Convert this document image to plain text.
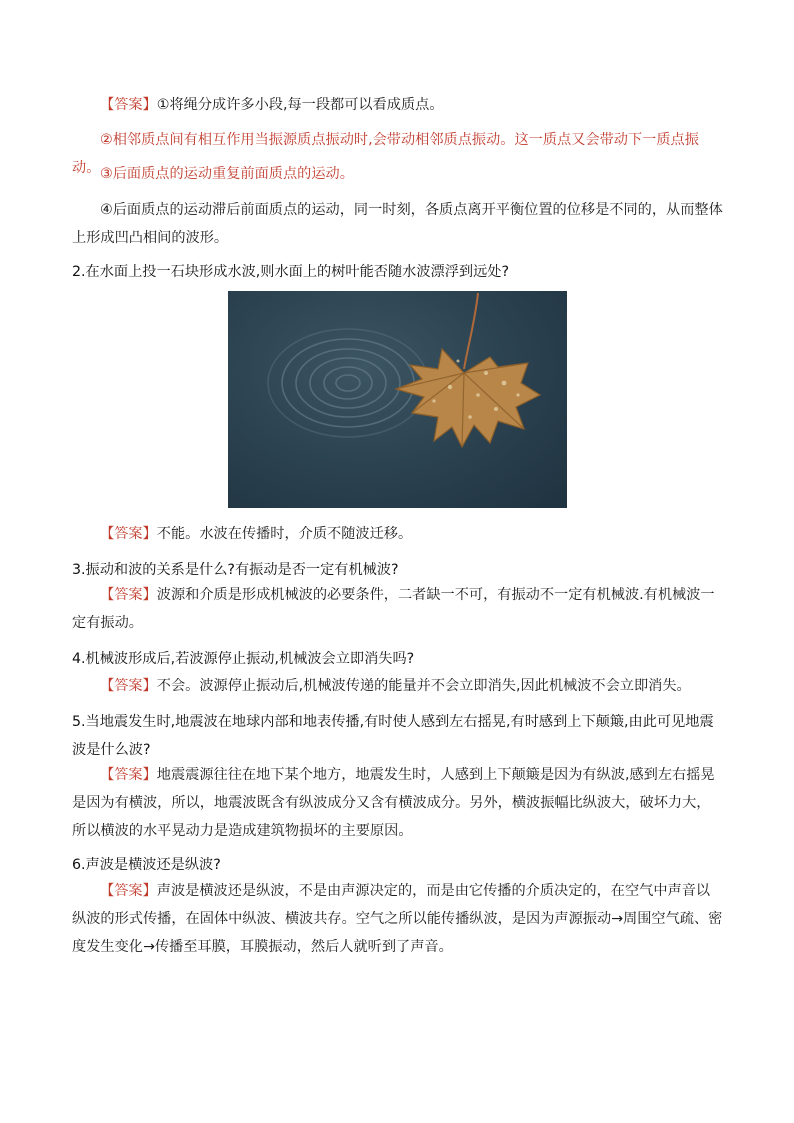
【答案】①将绳分成许多小段,每一段都可以看成质点。

②相邻质点间有相互作用当振源质点振动时,会带动相邻质点振动。这一质点又会带动下一质点振动。 ③后面质点的运动重复前面质点的运动。

④后面质点的运动滞后前面质点的运动，同一时刻，各质点离开平衡位置的位移是不同的，从而整体上形成凹凸相间的波形。

2.在水面上投一石块形成水波,则水面上的树叶能否随水波漂浮到远处?

【答案】不能。水波在传播时，介质不随波迁移。

3.振动和波的关系是什么?有振动是否一定有机械波?

【答案】波源和介质是形成机械波的必要条件，二者缺一不可，有振动不一定有机械波.有机械波一定有振动。

4.机械波形成后,若波源停止振动,机械波会立即消失吗?

【答案】不会。波源停止振动后,机械波传递的能量并不会立即消失,因此机械波不会立即消失。

5.当地震发生时,地震波在地球内部和地表传播,有时使人感到左右摇晃,有时感到上下颠簸,由此可见地震波是什么波?

【答案】地震震源往往在地下某个地方，地震发生时，人感到上下颠簸是因为有纵波,感到左右摇晃是因为有横波，所以，地震波既含有纵波成分又含有横波成分。另外，横波振幅比纵波大，破坏力大，所以横波的水平晃动力是造成建筑物损坏的主要原因。

6.声波是横波还是纵波?

【答案】声波是横波还是纵波，不是由声源决定的，而是由它传播的介质决定的，在空气中声音以纵波的形式传播，在固体中纵波、横波共存。空气之所以能传播纵波，是因为声源振动→周围空气疏、密度发生变化→传播至耳膜，耳膜振动，然后人就听到了声音。
